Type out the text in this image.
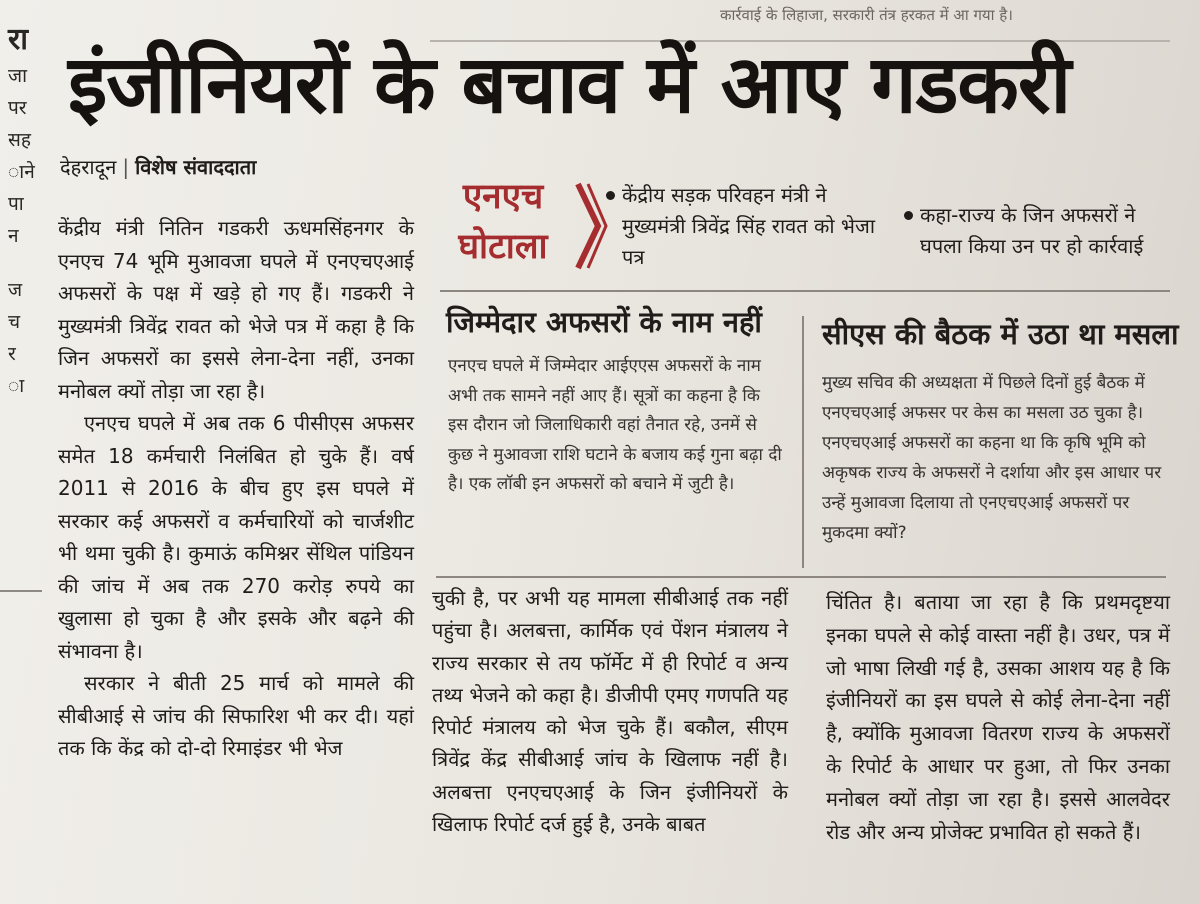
कार्रवाई के लिहाजा, सरकारी तंत्र हरकत में आ गया है।
रा
जा
पर
सह
ाने
पा
न
ज
च
र
ा
इंजीनियरों के बचाव में आए गडकरी
देहरादून | विशेष संवाददाता
एनएच
घोटाला
केंद्रीय सड़क परिवहन मंत्री ने मुख्यमंत्री त्रिवेंद्र सिंह रावत को भेजा पत्र
कहा-राज्य के जिन अफसरों ने घपला किया उन पर हो कार्रवाई
जिम्मेदार अफसरों के नाम नहीं
एनएच घपले में जिम्मेदार आईएएस अफसरों के नाम अभी तक सामने नहीं आए हैं। सूत्रों का कहना है कि इस दौरान जो जिलाधिकारी वहां तैनात रहे, उनमें से कुछ ने मुआवजा राशि घटाने के बजाय कई गुना बढ़ा दी है। एक लॉबी इन अफसरों को बचाने में जुटी है।
सीएस की बैठक में उठा था मसला
मुख्य सचिव की अध्यक्षता में पिछले दिनों हुई बैठक में एनएचएआई अफसर पर केस का मसला उठ चुका है। एनएचएआई अफसरों का कहना था कि कृषि भूमि को अकृषक राज्य के अफसरों ने दर्शाया और इस आधार पर उन्हें मुआवजा दिलाया तो एनएचएआई अफसरों पर मुकदमा क्यों?

केंद्रीय मंत्री नितिन गडकरी ऊधमसिंहनगर के एनएच 74 भूमि मुआवजा घपले में एनएचएआई अफसरों के पक्ष में खड़े हो गए हैं। गडकरी ने मुख्यमंत्री त्रिवेंद्र रावत को भेजे पत्र में कहा है कि जिन अफसरों का इससे लेना-देना नहीं, उनका मनोबल क्यों तोड़ा जा रहा है।

एनएच घपले में अब तक 6 पीसीएस अफसर समेत 18 कर्मचारी निलंबित हो चुके हैं। वर्ष 2011 से 2016 के बीच हुए इस घपले में सरकार कई अफसरों व कर्मचारियों को चार्जशीट भी थमा चुकी है। कुमाऊं कमिश्नर सेंथिल पांडियन की जांच में अब तक 270 करोड़ रुपये का खुलासा हो चुका है और इसके और बढ़ने की संभावना है।

सरकार ने बीती 25 मार्च को मामले की सीबीआई से जांच की सिफारिश भी कर दी। यहां तक कि केंद्र को दो-दो रिमाइंडर भी भेज

चुकी है, पर अभी यह मामला सीबीआई तक नहीं पहुंचा है। अलबत्ता, कार्मिक एवं पेंशन मंत्रालय ने राज्य सरकार से तय फॉर्मेट में ही रिपोर्ट व अन्य तथ्य भेजने को कहा है। डीजीपी एमए गणपति यह रिपोर्ट मंत्रालय को भेज चुके हैं। बकौल, सीएम त्रिवेंद्र केंद्र सीबीआई जांच के खिलाफ नहीं है। अलबत्ता एनएचएआई के जिन इंजीनियरों के खिलाफ रिपोर्ट दर्ज हुई है, उनके बाबत
चिंतित है। बताया जा रहा है कि प्रथमदृष्टया इनका घपले से कोई वास्ता नहीं है। उधर, पत्र में जो भाषा लिखी गई है, उसका आशय यह है कि इंजीनियरों का इस घपले से कोई लेना-देना नहीं है, क्योंकि मुआवजा वितरण राज्य के अफसरों के रिपोर्ट के आधार पर हुआ, तो फिर उनका मनोबल क्यों तोड़ा जा रहा है। इससे आलवेदर रोड और अन्य प्रोजेक्ट प्रभावित हो सकते हैं।
